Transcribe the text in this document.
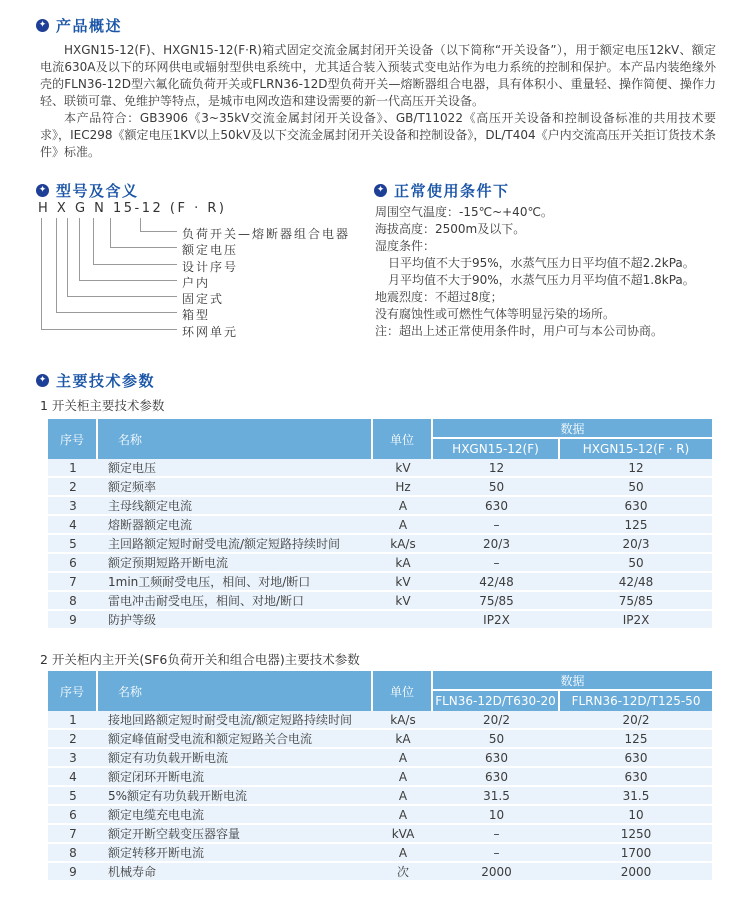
✦ 产品概述

HXGN15-12(F)、HXGN15-12(F·R)箱式固定交流金属封闭开关设备（以下简称“开关设备”），用于额定电压12kV、额定电流630A及以下的环网供电或辐射型供电系统中，尤其适合装入预装式变电站作为电力系统的控制和保护。本产品内装绝缘外壳的FLN36-12D型六氟化硫负荷开关或FLRN36-12D型负荷开关—熔断器组合电器，具有体积小、重量轻、操作简便、操作力轻、联锁可靠、免维护等特点，是城市电网改造和建设需要的新一代高压开关设备。

本产品符合：GB3906《3~35kV交流金属封闭开关设备》、GB/T11022《高压开关设备和控制设备标准的共用技术要求》，IEC298《额定电压1KV以上50kV及以下交流金属封闭开关设备和控制设备》，DL/T404《户内交流高压开关拒订货技术条件》标准。

✦ 型号及含义
H X G N 15-12 (F · R)
负荷开关—熔断器组合电器
额定电压
设计序号
户内
固定式
箱型
环网单元
✦ 正常使用条件下
周围空气温度：-15℃~+40℃。
海拔高度：2500m及以下。
湿度条件：
日平均值不大于95%，水蒸气压力日平均值不超2.2kPa。
月平均值不大于90%，水蒸气压力月平均值不超1.8kPa。
地震烈度：不超过8度；
没有腐蚀性或可燃性气体等明显污染的场所。
注：超出上述正常使用条件时，用户可与本公司协商。
✦ 主要技术参数
1 开关柜主要技术参数
序号	名称	单位	数据	
			HXGN15-12(F)	HXGN15-12(F · R)
1	额定电压	kV	12	12
2	额定频率	Hz	50	50
3	主母线额定电流	A	630	630
4	熔断器额定电流	A	–	125
5	主回路额定短时耐受电流/额定短路持续时间	kA/s	20/3	20/3
6	额定预期短路开断电流	kA	–	50
7	1min工频耐受电压，相间、对地/断口	kV	42/48	42/48
8	雷电冲击耐受电压，相间、对地/断口	kV	75/85	75/85
9	防护等级		IP2X	IP2X
2 开关柜内主开关(SF6负荷开关和组合电器)主要技术参数
序号	名称	单位	数据	
			FLN36-12D/T630-20	FLRN36-12D/T125-50
1	接地回路额定短时耐受电流/额定短路持续时间	kA/s	20/2	20/2
2	额定峰值耐受电流和额定短路关合电流	kA	50	125
3	额定有功负载开断电流	A	630	630
4	额定闭环开断电流	A	630	630
5	5%额定有功负载开断电流	A	31.5	31.5
6	额定电缆充电电流	A	10	10
7	额定开断空载变压器容量	kVA	–	1250
8	额定转移开断电流	A	–	1700
9	机械寿命	次	2000	2000
